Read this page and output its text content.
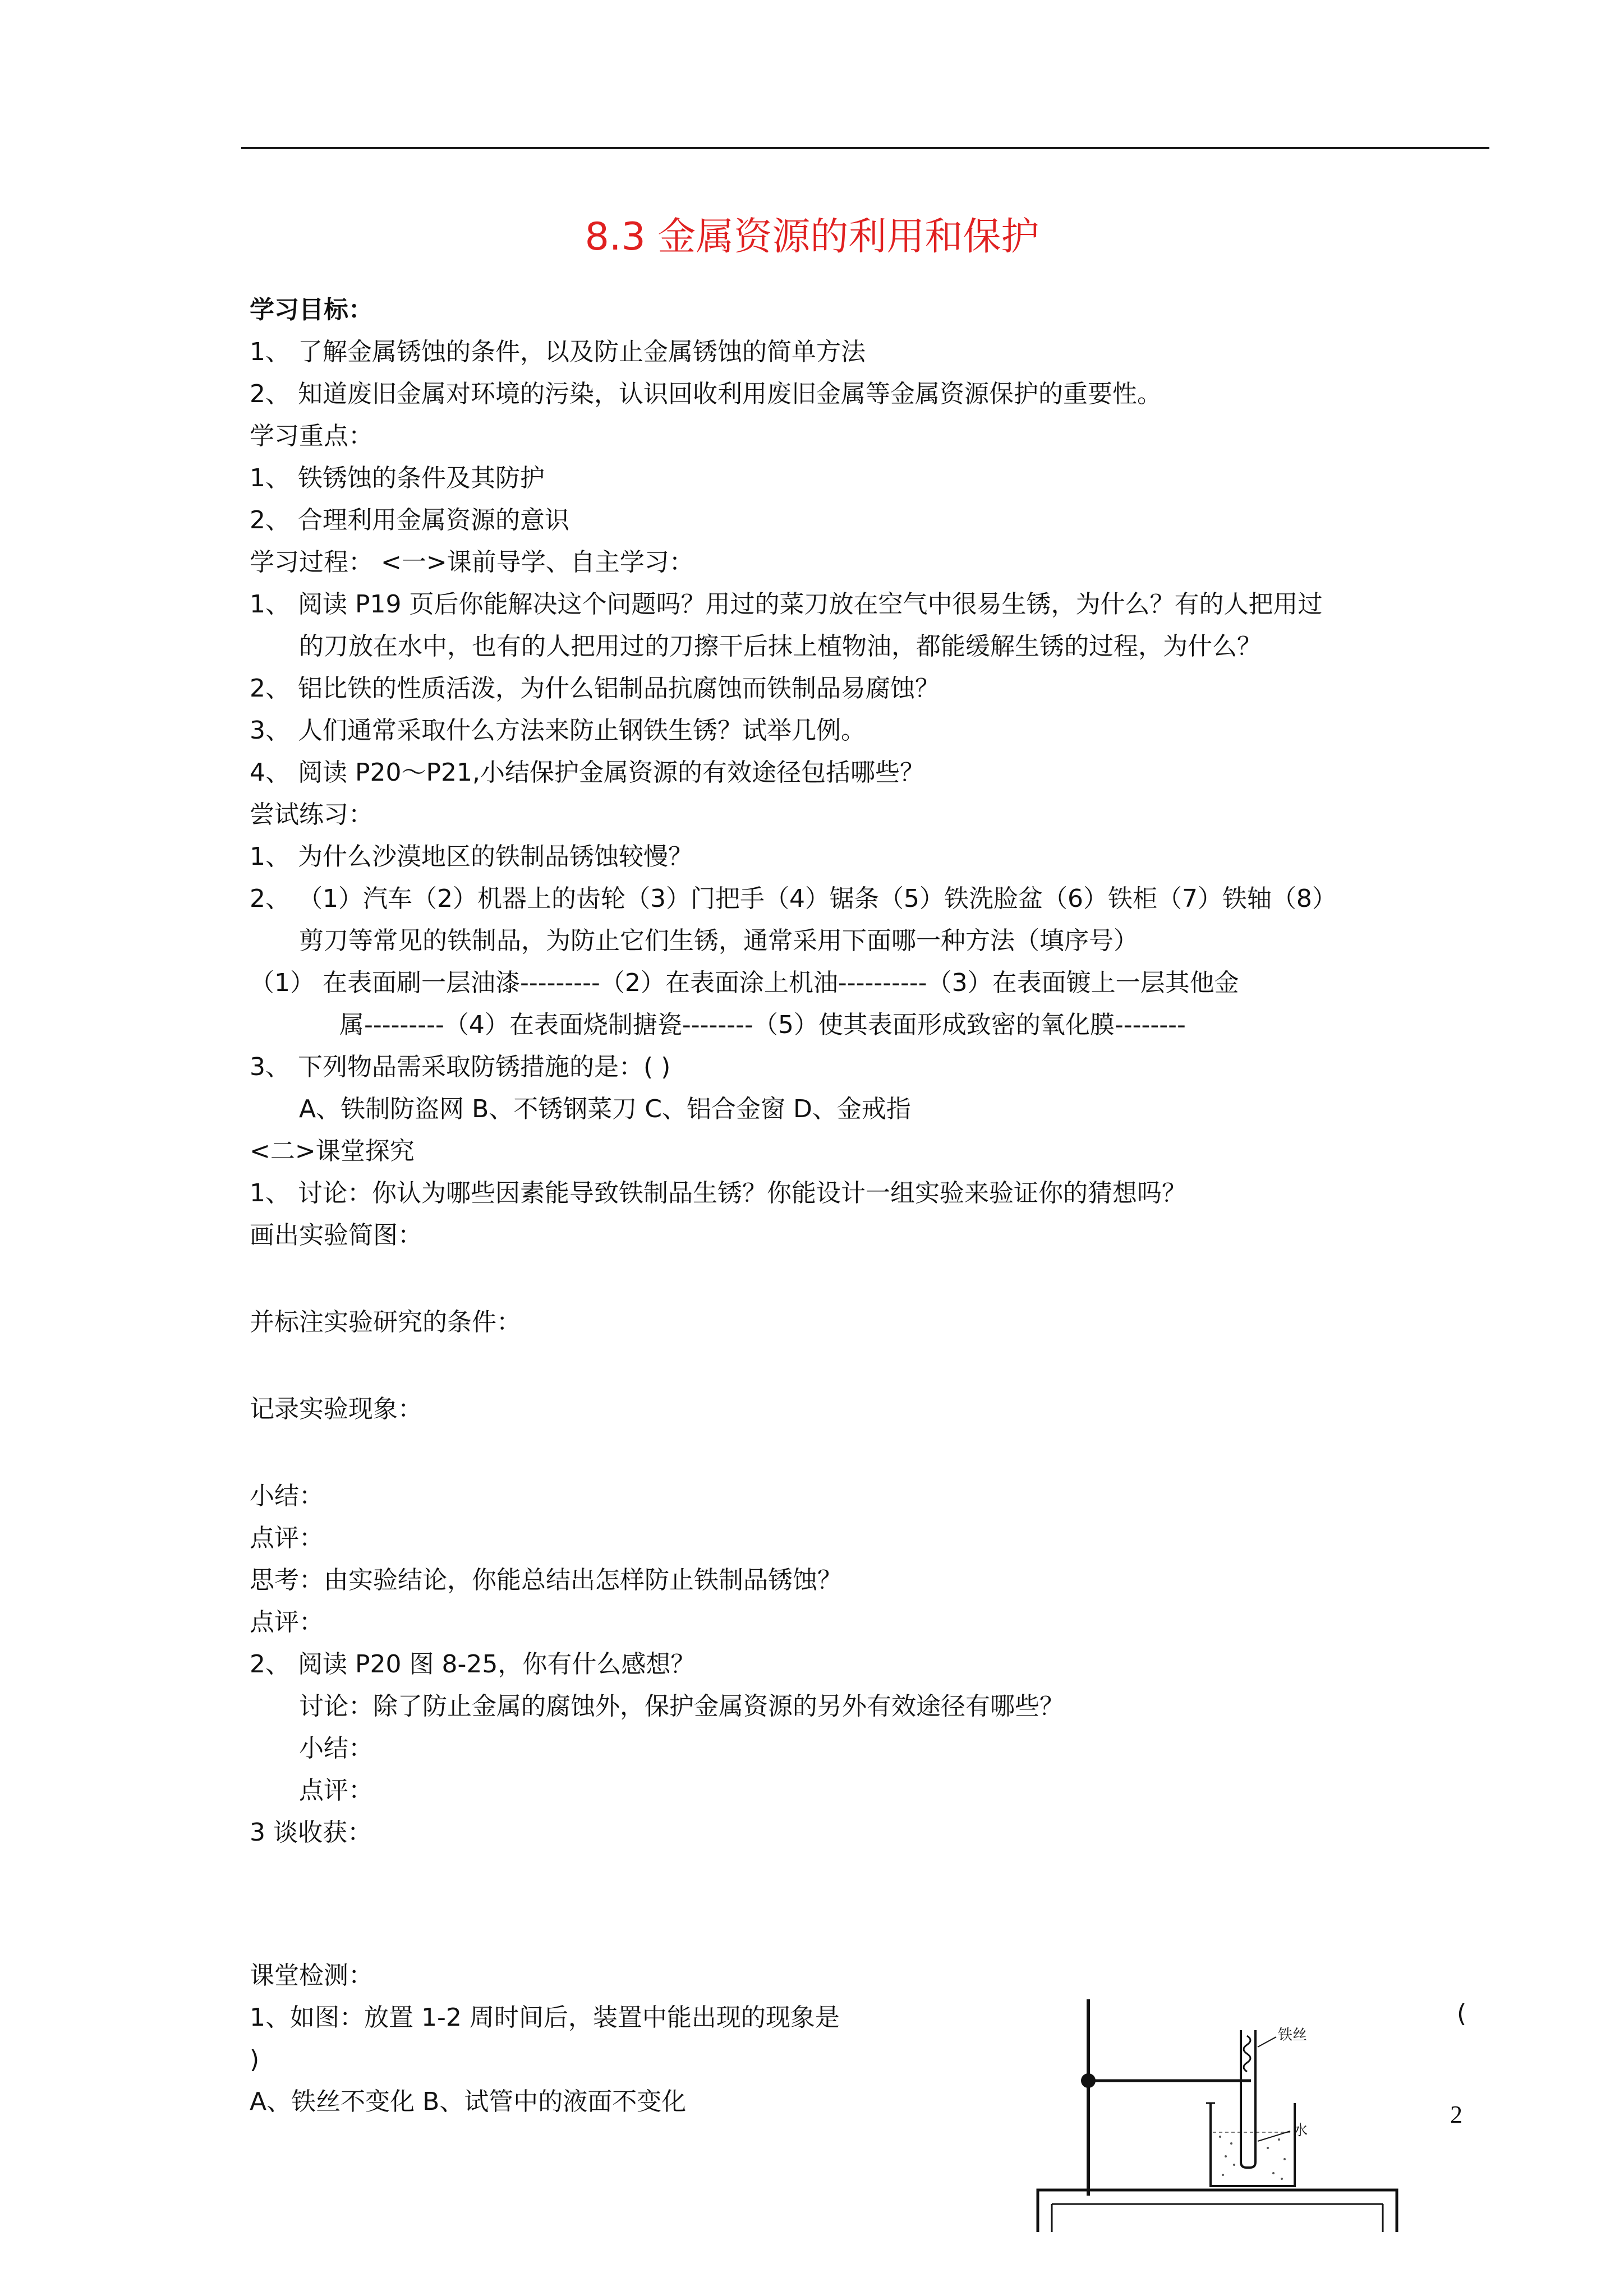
8.3 金属资源的利用和保护
学习目标：
1、 了解金属锈蚀的条件，以及防止金属锈蚀的简单方法
2、 知道废旧金属对环境的污染，认识回收利用废旧金属等金属资源保护的重要性。
学习重点：
1、 铁锈蚀的条件及其防护
2、 合理利用金属资源的意识
学习过程： <一>课前导学、自主学习：
1、 阅读 P19 页后你能解决这个问题吗？用过的菜刀放在空气中很易生锈，为什么？有的人把用过
的刀放在水中，也有的人把用过的刀擦干后抹上植物油，都能缓解生锈的过程，为什么？
2、 铝比铁的性质活泼，为什么铝制品抗腐蚀而铁制品易腐蚀？
3、 人们通常采取什么方法来防止钢铁生锈？试举几例。
4、 阅读 P20～P21,小结保护金属资源的有效途径包括哪些？
尝试练习：
1、 为什么沙漠地区的铁制品锈蚀较慢？
2、 （1）汽车（2）机器上的齿轮（3）门把手（4）锯条（5）铁洗脸盆（6）铁柜（7）铁轴（8）
剪刀等常见的铁制品，为防止它们生锈，通常采用下面哪一种方法（填序号）
（1） 在表面刷一层油漆---------（2）在表面涂上机油----------（3）在表面镀上一层其他金
属---------（4）在表面烧制搪瓷--------（5）使其表面形成致密的氧化膜--------
3、 下列物品需采取防锈措施的是：( )
A、铁制防盗网 B、不锈钢菜刀 C、铝合金窗 D、金戒指
<二>课堂探究
1、 讨论：你认为哪些因素能导致铁制品生锈？你能设计一组实验来验证你的猜想吗？
画出实验简图：
并标注实验研究的条件：
记录实验现象：
小结：
点评：
思考：由实验结论，你能总结出怎样防止铁制品锈蚀？
点评：
2、 阅读 P20 图 8-25，你有什么感想？
讨论：除了防止金属的腐蚀外，保护金属资源的另外有效途径有哪些？
小结：
点评：
3 谈收获：
课堂检测：
1、如图：放置 1-2 周时间后，装置中能出现的现象是
)
A、铁丝不变化 B、试管中的液面不变化
(
铁丝
水
2
